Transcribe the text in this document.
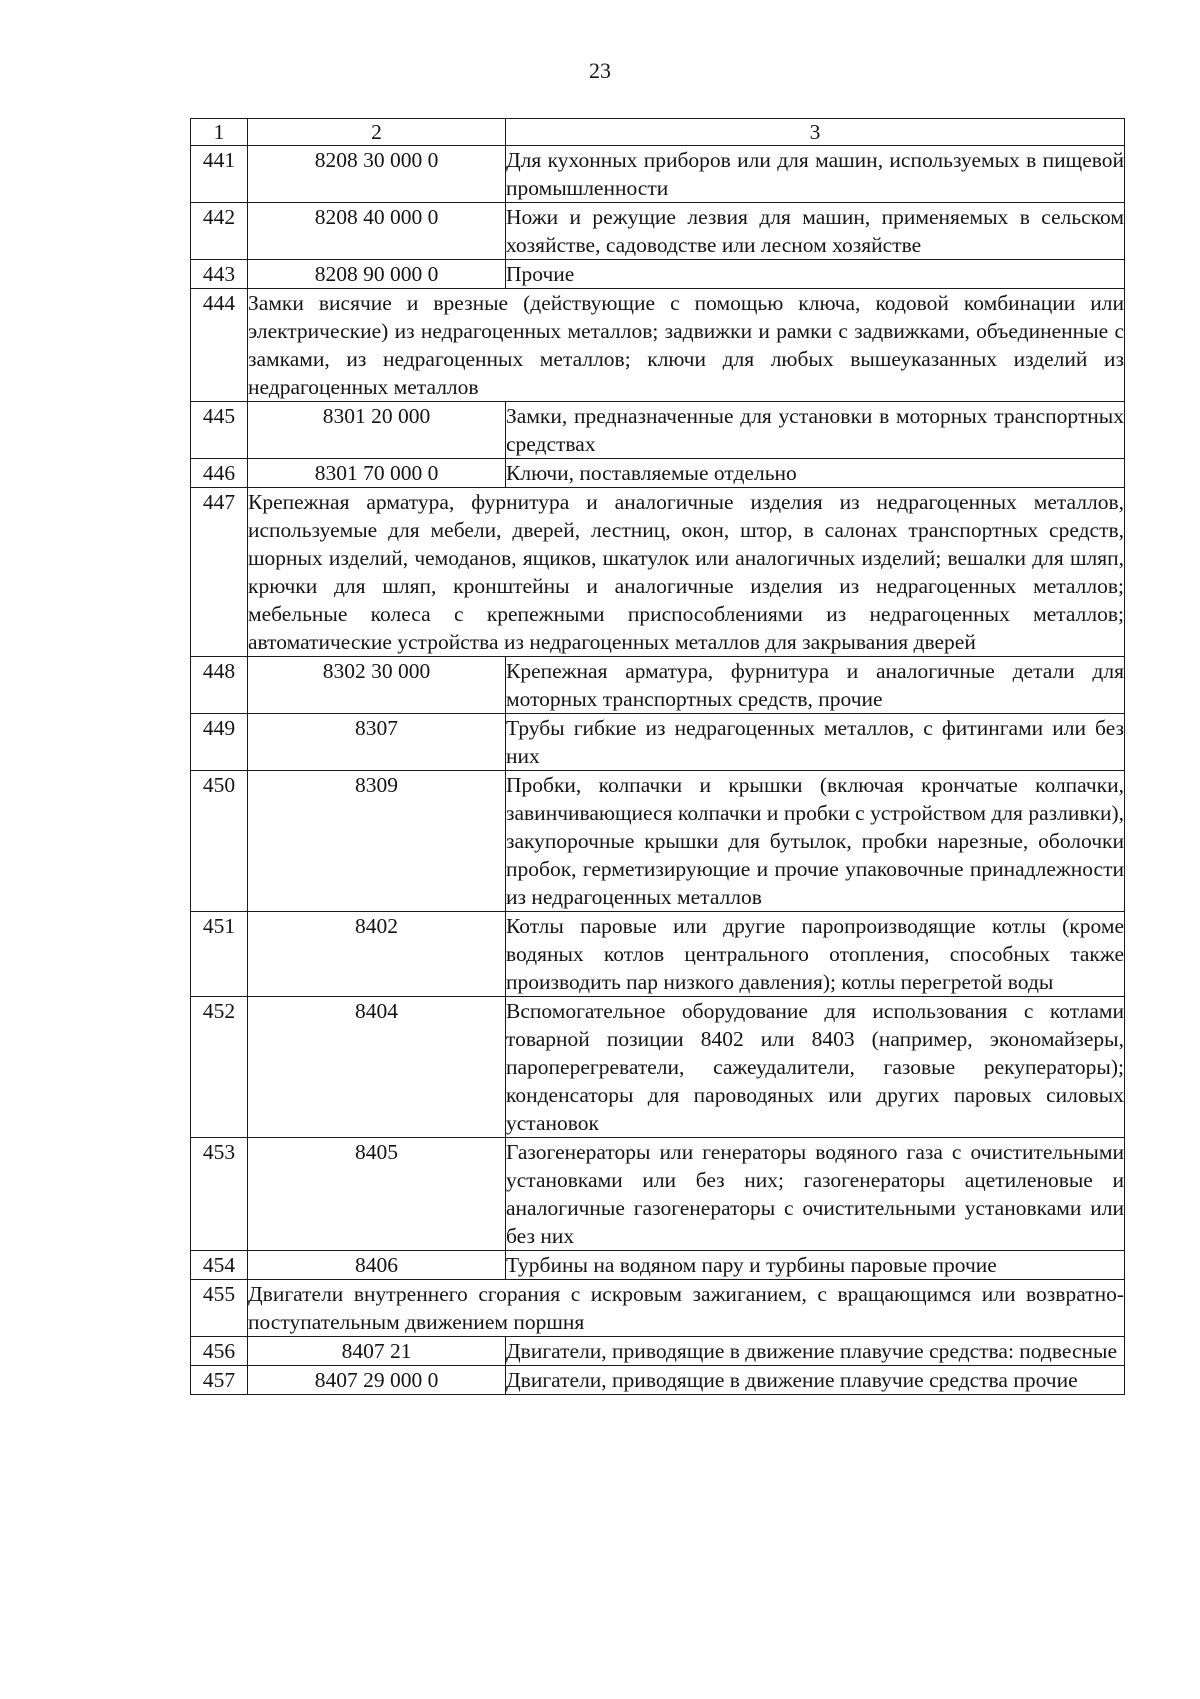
23
1	2	3
441	8208 30 000 0	Для кухонных приборов или для машин, используемых в пищевой промышленности
442	8208 40 000 0	Ножи и режущие лезвия для машин, применяемых в сельском хозяйстве, садоводстве или лесном хозяйстве
443	8208 90 000 0	Прочие
444	Замки висячие и врезные (действующие с помощью ключа, кодовой комбинации или электрические) из недрагоценных металлов; задвижки и рамки с задвижками, объединенные с замками, из недрагоценных металлов; ключи для любых вышеуказанных изделий из недрагоценных металлов	
445	8301 20 000	Замки, предназначенные для установки в моторных транспортных средствах
446	8301 70 000 0	Ключи, поставляемые отдельно
447	Крепежная арматура, фурнитура и аналогичные изделия из недрагоценных металлов, используемые для мебели, дверей, лестниц, окон, штор, в салонах транспортных средств, шорных изделий, чемоданов, ящиков, шкатулок или аналогичных изделий; вешалки для шляп, крючки для шляп, кронштейны и аналогичные изделия из недрагоценных металлов; мебельные колеса с крепежными приспособлениями из недрагоценных металлов; автоматические устройства из недрагоценных металлов для закрывания дверей	
448	8302 30 000	Крепежная арматура, фурнитура и аналогичные детали для моторных транспортных средств, прочие
449	8307	Трубы гибкие из недрагоценных металлов, с фитингами или без них
450	8309	Пробки, колпачки и крышки (включая крончатые колпачки, завинчивающиеся колпачки и пробки с устройством для разливки), закупорочные крышки для бутылок, пробки нарезные, оболочки пробок, герметизирующие и прочие упаковочные принадлежности из недрагоценных металлов
451	8402	Котлы паровые или другие паропроизводящие котлы (кроме водяных котлов центрального отопления, способных также производить пар низкого давления); котлы перегретой воды
452	8404	Вспомогательное оборудование для использования с котлами товарной позиции 8402 или 8403 (например, экономайзеры, пароперегреватели, сажеудалители, газовые рекуператоры); конденсаторы для пароводяных или других паровых силовых установок
453	8405	Газогенераторы или генераторы водяного газа с очистительными установками или без них; газогенераторы ацетиленовые и аналогичные газогенераторы с очистительными установками или без них
454	8406	Турбины на водяном пару и турбины паровые прочие
455	Двигатели внутреннего сгорания с искровым зажиганием, с вращающимся или возвратно-поступательным движением поршня	
456	8407 21	Двигатели, приводящие в движение плавучие средства: подвесные
457	8407 29 000 0	Двигатели, приводящие в движение плавучие средства прочие
